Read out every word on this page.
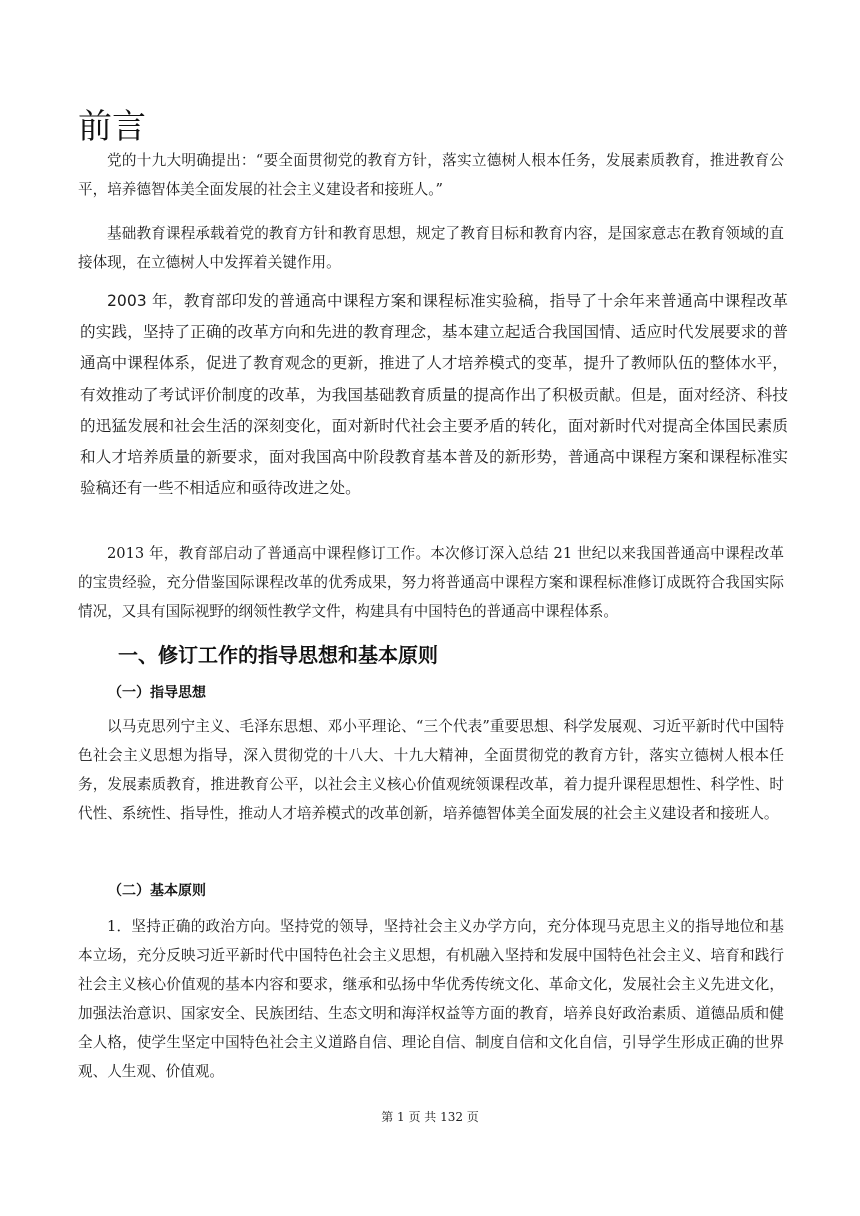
前言

党的十九大明确提出：“要全面贯彻党的教育方针，落实立德树人根本任务，发展素质教育，推进教育公平，培养德智体美全面发展的社会主义建设者和接班人。”

基础教育课程承载着党的教育方针和教育思想，规定了教育目标和教育内容，是国家意志在教育领域的直接体现，在立德树人中发挥着关键作用。

2003 年，教育部印发的普通高中课程方案和课程标准实验稿，指导了十余年来普通高中课程改革的实践，坚持了正确的改革方向和先进的教育理念，基本建立起适合我国国情、适应时代发展要求的普通高中课程体系，促进了教育观念的更新，推进了人才培养模式的变革，提升了教师队伍的整体水平，有效推动了考试评价制度的改革，为我国基础教育质量的提高作出了积极贡献。但是，面对经济、科技的迅猛发展和社会生活的深刻变化，面对新时代社会主要矛盾的转化，面对新时代对提高全体国民素质和人才培养质量的新要求，面对我国高中阶段教育基本普及的新形势，普通高中课程方案和课程标准实验稿还有一些不相适应和亟待改进之处。

2013 年，教育部启动了普通高中课程修订工作。本次修订深入总结 21 世纪以来我国普通高中课程改革的宝贵经验，充分借鉴国际课程改革的优秀成果，努力将普通高中课程方案和课程标准修订成既符合我国实际情况，又具有国际视野的纲领性教学文件，构建具有中国特色的普通高中课程体系。

一、修订工作的指导思想和基本原则
（一）指导思想

以马克思列宁主义、毛泽东思想、邓小平理论、“三个代表”重要思想、科学发展观、习近平新时代中国特色社会主义思想为指导，深入贯彻党的十八大、十九大精神，全面贯彻党的教育方针，落实立德树人根本任务，发展素质教育，推进教育公平，以社会主义核心价值观统领课程改革，着力提升课程思想性、科学性、时代性、系统性、指导性，推动人才培养模式的改革创新，培养德智体美全面发展的社会主义建设者和接班人。

（二）基本原则

1．坚持正确的政治方向。坚持党的领导，坚持社会主义办学方向，充分体现马克思主义的指导地位和基本立场，充分反映习近平新时代中国特色社会主义思想，有机融入坚持和发展中国特色社会主义、培育和践行社会主义核心价值观的基本内容和要求，继承和弘扬中华优秀传统文化、革命文化，发展社会主义先进文化，加强法治意识、国家安全、民族团结、生态文明和海洋权益等方面的教育，培养良好政治素质、道德品质和健全人格，使学生坚定中国特色社会主义道路自信、理论自信、制度自信和文化自信，引导学生形成正确的世界观、人生观、价值观。

第 1 页 共 132 页
